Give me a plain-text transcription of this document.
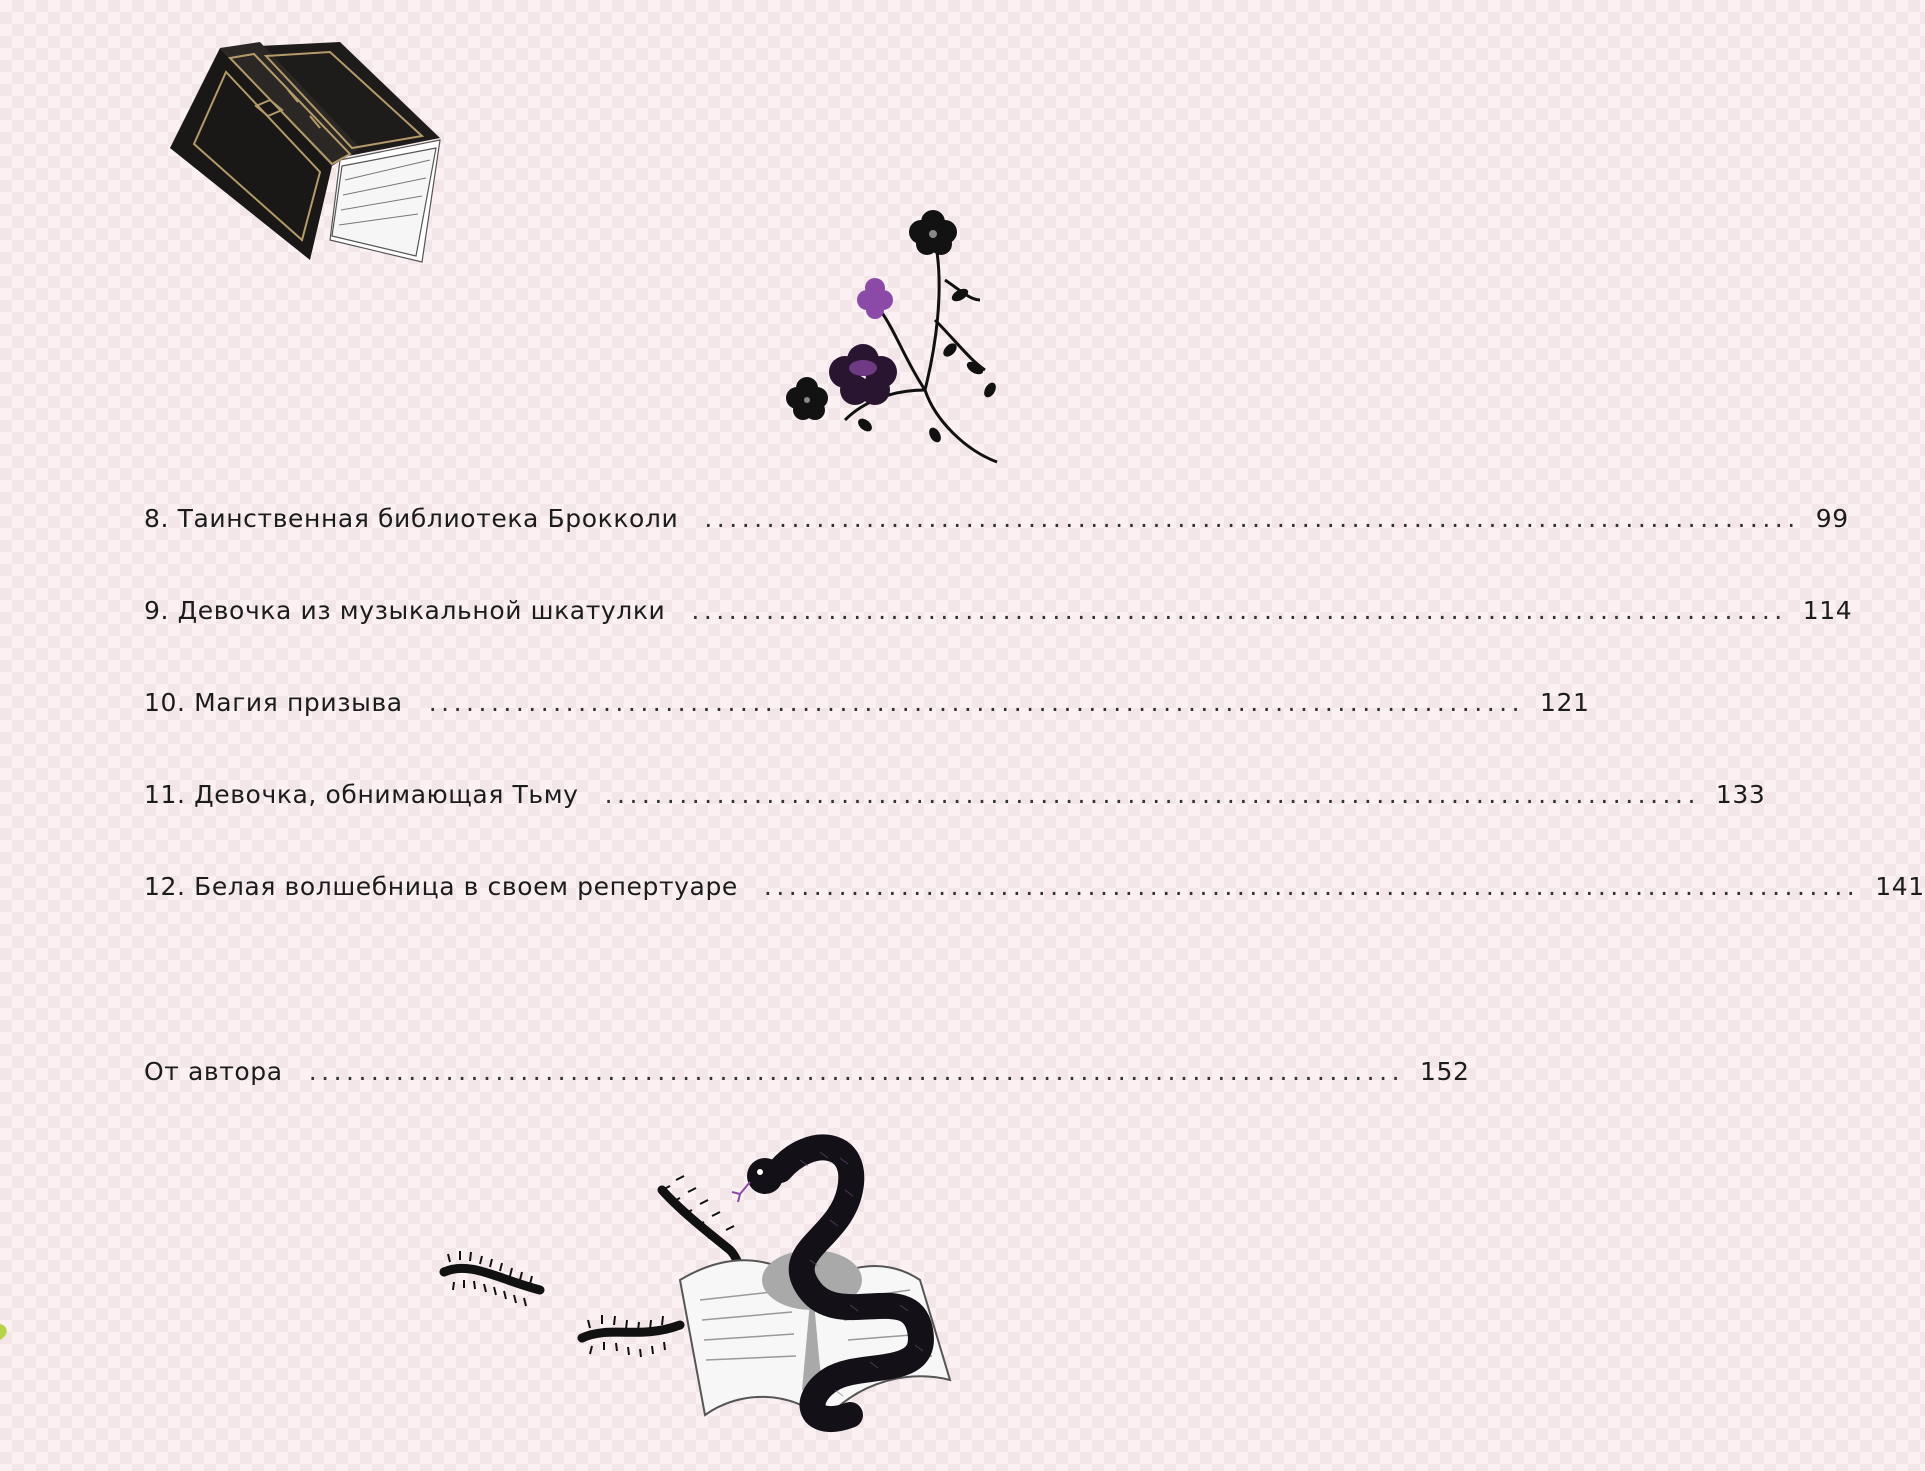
8. Таинственная библиотека Брокколи ........................................................................................ 99
9. Девочка из музыкальной шкатулки ........................................................................................ 114
10. Магия призыва ........................................................................................ 121
11. Девочка, обнимающая Тьму ........................................................................................ 133
12. Белая волшебница в своем репертуаре ........................................................................................ 141
От автора ........................................................................................ 152
